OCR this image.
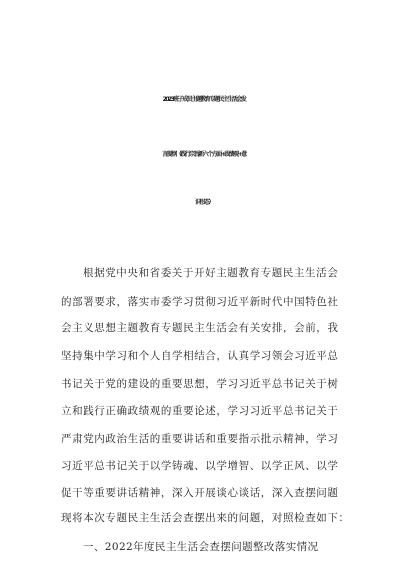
2023班子成员主题教育专题民主生活会发
言提纲（践行宗旨新六个方面+政绩观+意
识形态）
根据党中央和省委关于开好主题教育专题民主生活会
的部署要求，落实市委学习贯彻习近平新时代中国特色社
会主义思想主题教育专题民主生活会有关安排，会前，我
坚持集中学习和个人自学相结合，认真学习领会习近平总
书记关于党的建设的重要思想，学习习近平总书记关于树
立和践行正确政绩观的重要论述，学习习近平总书记关于
严肃党内政治生活的重要讲话和重要指示批示精神，学习
习近平总书记关于以学铸魂、以学增智、以学正风、以学
促干等重要讲话精神，深入开展谈心谈话，深入查摆问题
现将本次专题民主生活会查摆出来的问题，对照检查如下：
一、2022年度民主生活会查摆问题整改落实情况
